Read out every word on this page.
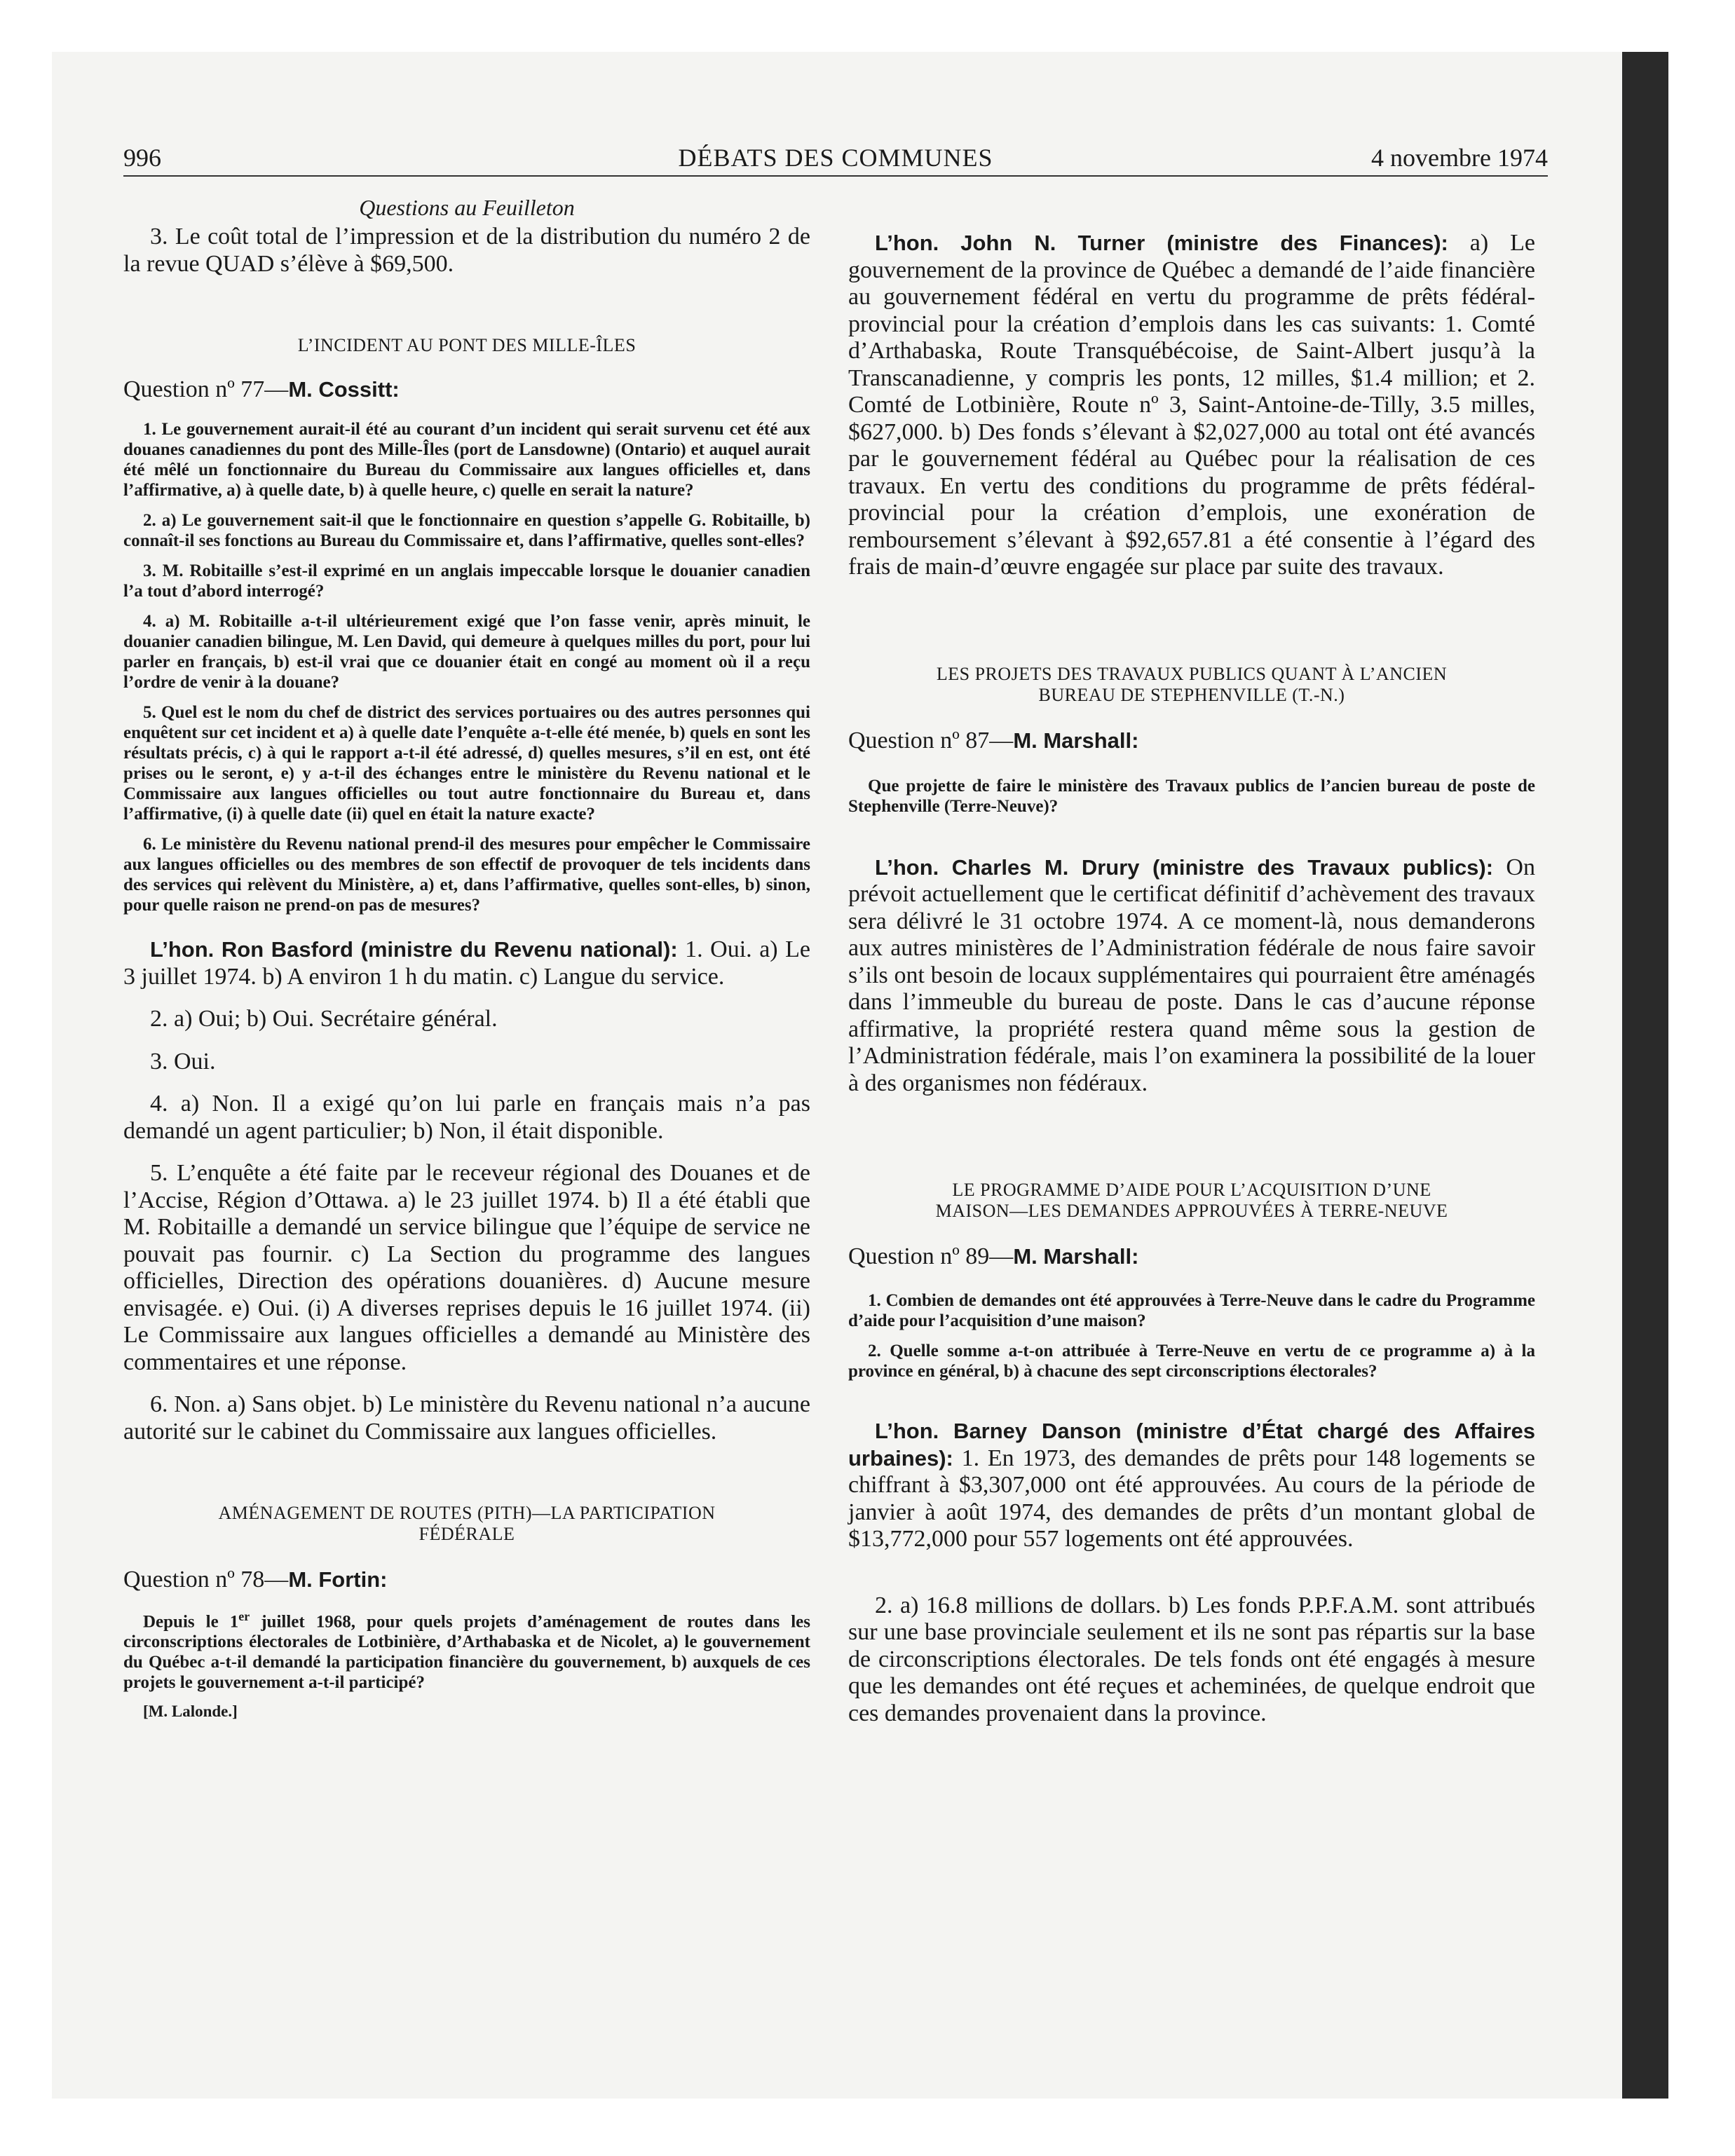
996	DÉBATS DES COMMUNES	4 novembre 1974

Questions au Feuilleton

3. Le coût total de l’impression et de la distribution du numéro 2 de la revue QUAD s’élève à $69,500.

L’INCIDENT AU PONT DES MILLE-ÎLES

Question nº 77—M. Cossitt:

1. Le gouvernement aurait-il été au courant d’un incident qui serait survenu cet été aux douanes canadiennes du pont des Mille-Îles (port de Lansdowne) (Ontario) et auquel aurait été mêlé un fonctionnaire du Bureau du Commissaire aux langues officielles et, dans l’affirmative, a) à quelle date, b) à quelle heure, c) quelle en serait la nature?

2. a) Le gouvernement sait-il que le fonctionnaire en question s’appelle G. Robitaille, b) connaît-il ses fonctions au Bureau du Commissaire et, dans l’affirmative, quelles sont-elles?

3. M. Robitaille s’est-il exprimé en un anglais impeccable lorsque le douanier canadien l’a tout d’abord interrogé?

4. a) M. Robitaille a-t-il ultérieurement exigé que l’on fasse venir, après minuit, le douanier canadien bilingue, M. Len David, qui demeure à quelques milles du port, pour lui parler en français, b) est-il vrai que ce douanier était en congé au moment où il a reçu l’ordre de venir à la douane?

5. Quel est le nom du chef de district des services portuaires ou des autres personnes qui enquêtent sur cet incident et a) à quelle date l’enquête a-t-elle été menée, b) quels en sont les résultats précis, c) à qui le rapport a-t-il été adressé, d) quelles mesures, s’il en est, ont été prises ou le seront, e) y a-t-il des échanges entre le ministère du Revenu national et le Commissaire aux langues officielles ou tout autre fonctionnaire du Bureau et, dans l’affirmative, (i) à quelle date (ii) quel en était la nature exacte?

6. Le ministère du Revenu national prend-il des mesures pour empêcher le Commissaire aux langues officielles ou des membres de son effectif de provoquer de tels incidents dans des services qui relèvent du Ministère, a) et, dans l’affirmative, quelles sont-elles, b) sinon, pour quelle raison ne prend-on pas de mesures?

L’hon. Ron Basford (ministre du Revenu national): 1. Oui. a) Le 3 juillet 1974. b) A environ 1 h du matin. c) Langue du service.

2. a) Oui; b) Oui. Secrétaire général.

3. Oui.

4. a) Non. Il a exigé qu’on lui parle en français mais n’a pas demandé un agent particulier; b) Non, il était disponible.

5. L’enquête a été faite par le receveur régional des Douanes et de l’Accise, Région d’Ottawa. a) le 23 juillet 1974. b) Il a été établi que M. Robitaille a demandé un service bilingue que l’équipe de service ne pouvait pas fournir. c) La Section du programme des langues officielles, Direction des opérations douanières. d) Aucune mesure envisagée. e) Oui. (i) A diverses reprises depuis le 16 juillet 1974. (ii) Le Commissaire aux langues officielles a demandé au Ministère des commentaires et une réponse.

6. Non. a) Sans objet. b) Le ministère du Revenu national n’a aucune autorité sur le cabinet du Commissaire aux langues officielles.

AMÉNAGEMENT DE ROUTES (PITH)—LA PARTICIPATION

FÉDÉRALE

Question nº 78—M. Fortin:

Depuis le 1er juillet 1968, pour quels projets d’aménagement de routes dans les circonscriptions électorales de Lotbinière, d’Arthabaska et de Nicolet, a) le gouvernement du Québec a-t-il demandé la participation financière du gouvernement, b) auxquels de ces projets le gouvernement a-t-il participé?

[M. Lalonde.]

L’hon. John N. Turner (ministre des Finances): a) Le gouvernement de la province de Québec a demandé de l’aide financière au gouvernement fédéral en vertu du programme de prêts fédéral-provincial pour la création d’emplois dans les cas suivants: 1. Comté d’Arthabaska, Route Transquébécoise, de Saint-Albert jusqu’à la Transcanadienne, y compris les ponts, 12 milles, $1.4 million; et 2. Comté de Lotbinière, Route nº 3, Saint-Antoine-de-Tilly, 3.5 milles, $627,000. b) Des fonds s’élevant à $2,027,000 au total ont été avancés par le gouvernement fédéral au Québec pour la réalisation de ces travaux. En vertu des conditions du programme de prêts fédéral-provincial pour la création d’emplois, une exonération de remboursement s’élevant à $92,657.81 a été consentie à l’égard des frais de main-d’œuvre engagée sur place par suite des travaux.

LES PROJETS DES TRAVAUX PUBLICS QUANT À L’ANCIEN

BUREAU DE STEPHENVILLE (T.-N.)

Question nº 87—M. Marshall:

Que projette de faire le ministère des Travaux publics de l’ancien bureau de poste de Stephenville (Terre-Neuve)?

L’hon. Charles M. Drury (ministre des Travaux publics): On prévoit actuellement que le certificat définitif d’achèvement des travaux sera délivré le 31 octobre 1974. A ce moment-là, nous demanderons aux autres ministères de l’Administration fédérale de nous faire savoir s’ils ont besoin de locaux supplémentaires qui pourraient être aménagés dans l’immeuble du bureau de poste. Dans le cas d’aucune réponse affirmative, la propriété restera quand même sous la gestion de l’Administration fédérale, mais l’on examinera la possibilité de la louer à des organismes non fédéraux.

LE PROGRAMME D’AIDE POUR L’ACQUISITION D’UNE

MAISON—LES DEMANDES APPROUVÉES À TERRE-NEUVE

Question nº 89—M. Marshall:

1. Combien de demandes ont été approuvées à Terre-Neuve dans le cadre du Programme d’aide pour l’acquisition d’une maison?

2. Quelle somme a-t-on attribuée à Terre-Neuve en vertu de ce programme a) à la province en général, b) à chacune des sept circonscriptions électorales?

L’hon. Barney Danson (ministre d’État chargé des Affaires urbaines): 1. En 1973, des demandes de prêts pour 148 logements se chiffrant à $3,307,000 ont été approuvées. Au cours de la période de janvier à août 1974, des demandes de prêts d’un montant global de $13,772,000 pour 557 logements ont été approuvées.

2. a) 16.8 millions de dollars. b) Les fonds P.P.F.A.M. sont attribués sur une base provinciale seulement et ils ne sont pas répartis sur la base de circonscriptions électorales. De tels fonds ont été engagés à mesure que les demandes ont été reçues et acheminées, de quelque endroit que ces demandes provenaient dans la province.
